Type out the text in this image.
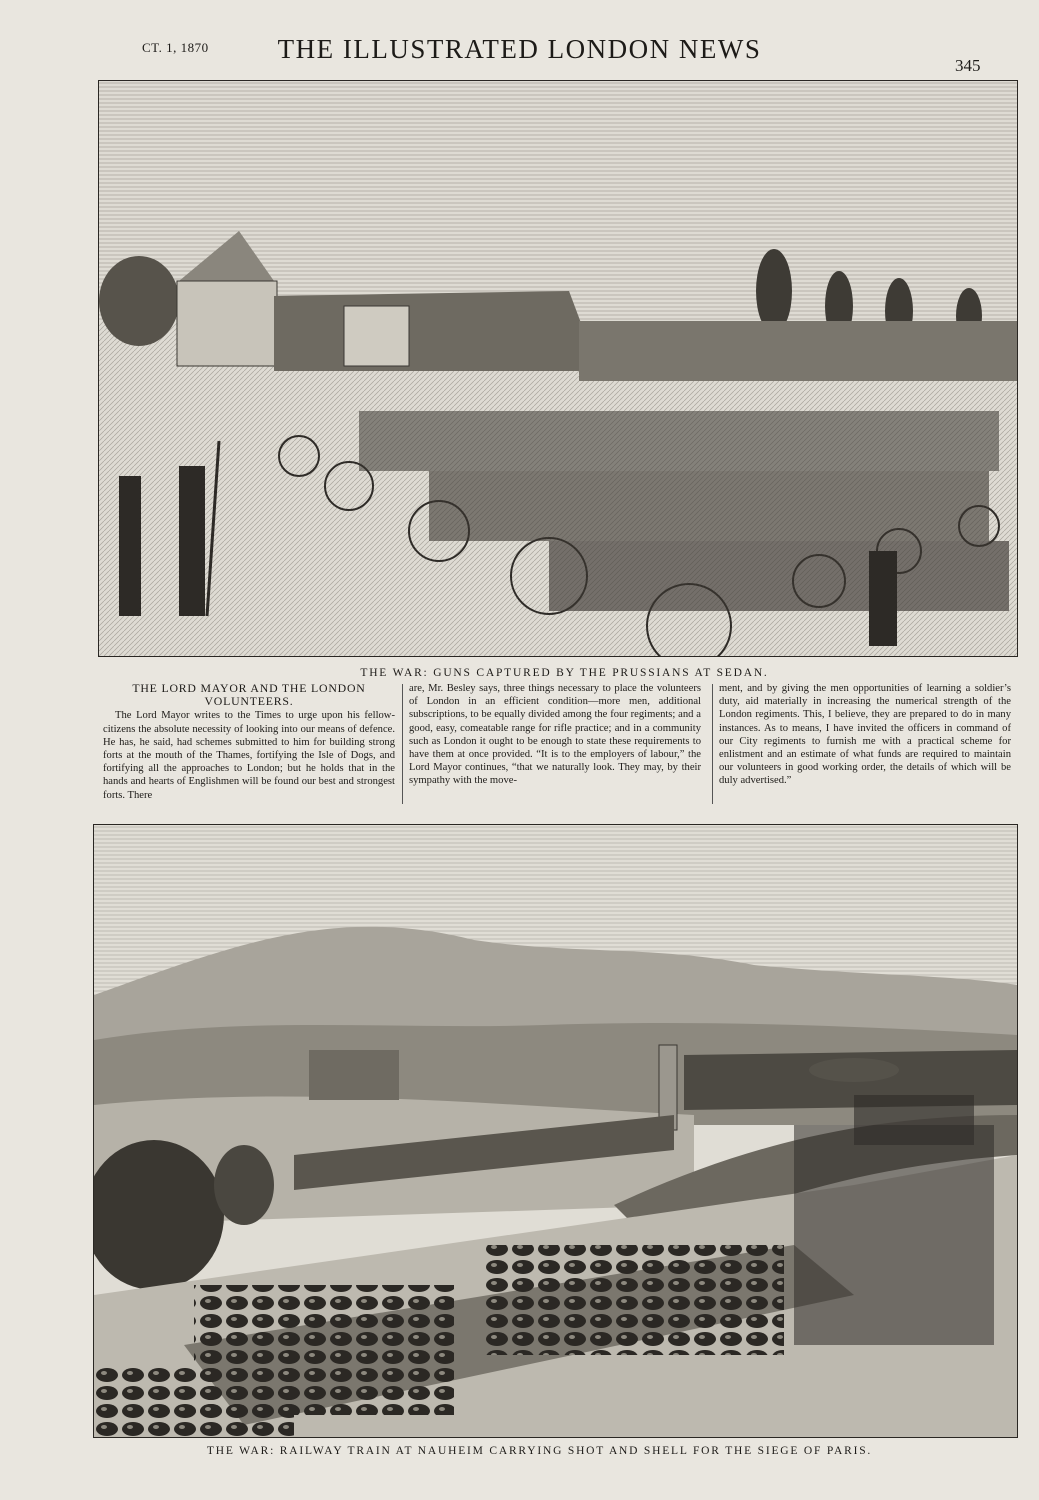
CT. 1, 1870	THE ILLUSTRATED LONDON NEWS
345
THE WAR: GUNS CAPTURED BY THE PRUSSIANS AT SEDAN.
THE LORD MAYOR AND THE LONDON VOLUNTEERS.

The Lord Mayor writes to the Times to urge upon his fellow-citizens the absolute necessity of looking into our means of defence. He has, he said, had schemes submitted to him for building strong forts at the mouth of the Thames, fortifying the Isle of Dogs, and fortifying all the approaches to London; but he holds that in the hands and hearts of Englishmen will be found our best and strongest forts. There

are, Mr. Besley says, three things necessary to place the volunteers of London in an efficient condition—more men, additional subscriptions, to be equally divided among the four regiments; and a good, easy, comeatable range for rifle practice; and in a community such as London it ought to be enough to state these requirements to have them at once provided. “It is to the employers of labour,” the Lord Mayor continues, “that we naturally look. They may, by their sympathy with the move-

ment, and by giving the men opportunities of learning a soldier’s duty, aid materially in increasing the numerical strength of the London regiments. This, I believe, they are prepared to do in many instances. As to means, I have invited the officers in command of our City regiments to furnish me with a practical scheme for enlistment and an estimate of what funds are required to maintain our volunteers in good working order, the details of which will be duly advertised.”

THE WAR: RAILWAY TRAIN AT NAUHEIM CARRYING SHOT AND SHELL FOR THE SIEGE OF PARIS.
